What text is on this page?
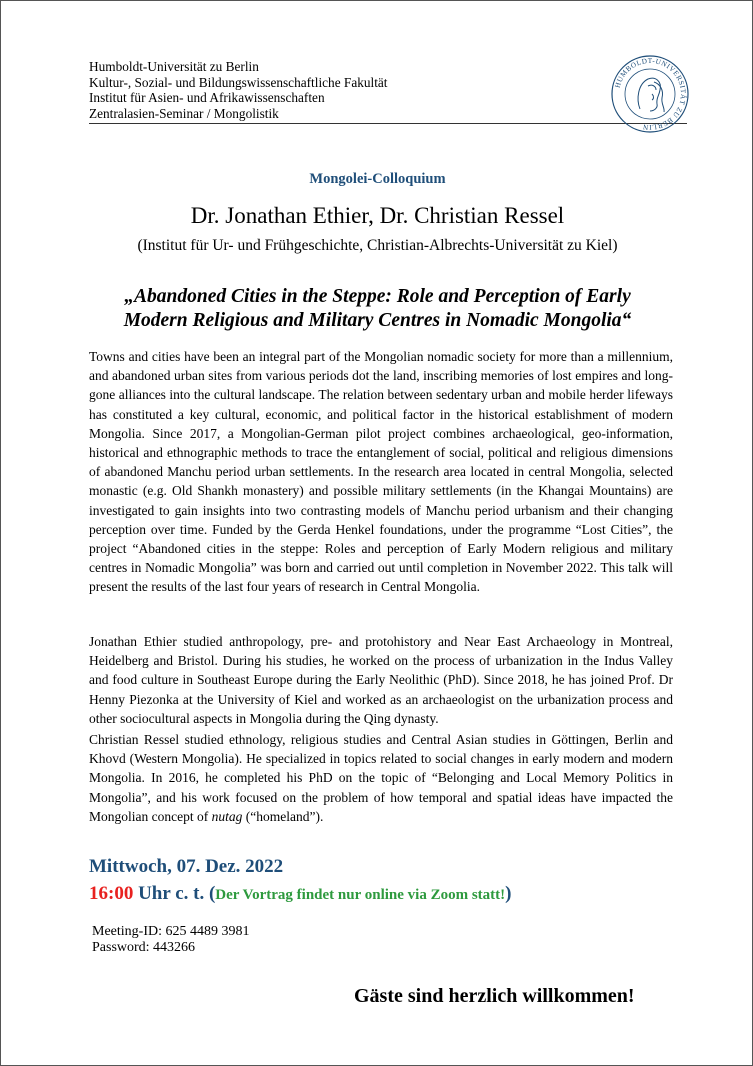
Humboldt-Universität zu Berlin
Kultur-, Sozial- und Bildungswissenschaftliche Fakultät
Institut für Asien- und Afrikawissenschaften
Zentralasien-Seminar / Mongolistik
HUMBOLDT-UNIVERSITÄT ZU BERLIN
Mongolei-Colloquium
Dr. Jonathan Ethier, Dr. Christian Ressel
(Institut für Ur- und Frühgeschichte, Christian-Albrechts-Universität zu Kiel)
„Abandoned Cities in the Steppe: Role and Perception of Early
Modern Religious and Military Centres in Nomadic Mongolia“
Towns and cities have been an integral part of the Mongolian nomadic society for more than a millennium, and abandoned urban sites from various periods dot the land, inscribing memories of lost empires and long-gone alliances into the cultural landscape. The relation between sedentary urban and mobile herder lifeways has constituted a key cultural, economic, and political factor in the historical establishment of modern Mongolia. Since 2017, a Mongolian-German pilot project combines archaeological, geo-information, historical and ethnographic methods to trace the entanglement of social, political and religious dimensions of abandoned Manchu period urban settlements. In the research area located in central Mongolia, selected monastic (e.g. Old Shankh monastery) and possible military settlements (in the Khangai Mountains) are investigated to gain insights into two contrasting models of Manchu period urbanism and their changing perception over time. Funded by the Gerda Henkel foundations, under the programme “Lost Cities”, the project “Abandoned cities in the steppe: Roles and perception of Early Modern religious and military centres in Nomadic Mongolia” was born and carried out until completion in November 2022. This talk will present the results of the last four years of research in Central Mongolia.
Jonathan Ethier studied anthropology, pre- and protohistory and Near East Archaeology in Montreal, Heidelberg and Bristol. During his studies, he worked on the process of urbanization in the Indus Valley and food culture in Southeast Europe during the Early Neolithic (PhD). Since 2018, he has joined Prof. Dr Henny Piezonka at the University of Kiel and worked as an archaeologist on the urbanization process and other sociocultural aspects in Mongolia during the Qing dynasty.
Christian Ressel studied ethnology, religious studies and Central Asian studies in Göttingen, Berlin and Khovd (Western Mongolia). He specialized in topics related to social changes in early modern and modern Mongolia. In 2016, he completed his PhD on the topic of “Belonging and Local Memory Politics in Mongolia”, and his work focused on the problem of how temporal and spatial ideas have impacted the Mongolian concept of nutag (“homeland”).
Mittwoch, 07. Dez. 2022
16:00 Uhr c. t. (Der Vortrag findet nur online via Zoom statt!)
Meeting-ID: 625 4489 3981
Password: 443266
Gäste sind herzlich willkommen!
